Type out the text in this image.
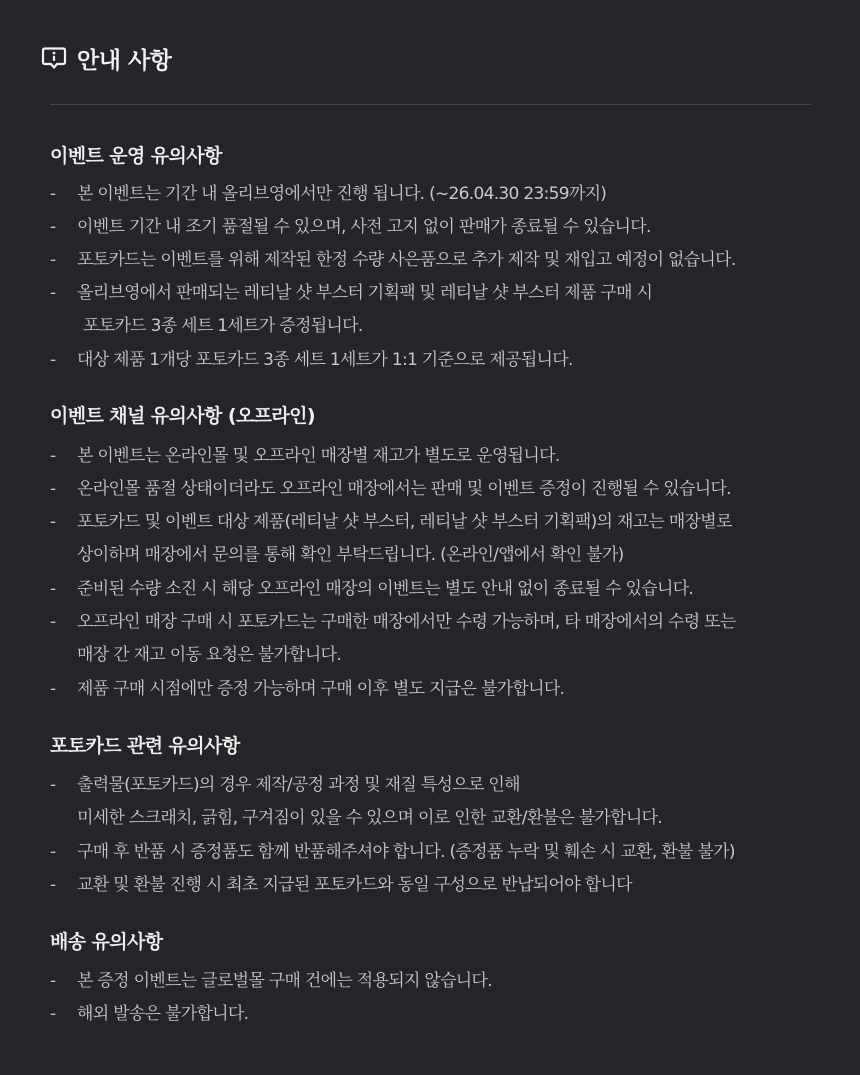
안내 사항
이벤트 운영 유의사항
- 본 이벤트는 기간 내 올리브영에서만 진행 됩니다. (~26.04.30 23:59까지)
- 이벤트 기간 내 조기 품절될 수 있으며, 사전 고지 없이 판매가 종료될 수 있습니다.
- 포토카드는 이벤트를 위해 제작된 한정 수량 사은품으로 추가 제작 및 재입고 예정이 없습니다.
- 올리브영에서 판매되는 레티날 샷 부스터 기획팩 및 레티날 샷 부스터 제품 구매 시
포토카드 3종 세트 1세트가 증정됩니다.
- 대상 제품 1개당 포토카드 3종 세트 1세트가 1:1 기준으로 제공됩니다.
이벤트 채널 유의사항 (오프라인)
- 본 이벤트는 온라인몰 및 오프라인 매장별 재고가 별도로 운영됩니다.
- 온라인몰 품절 상태이더라도 오프라인 매장에서는 판매 및 이벤트 증정이 진행될 수 있습니다.
- 포토카드 및 이벤트 대상 제품(레티날 샷 부스터, 레티날 샷 부스터 기획팩)의 재고는 매장별로
상이하며 매장에서 문의를 통해 확인 부탁드립니다. (온라인/앱에서 확인 불가)
- 준비된 수량 소진 시 해당 오프라인 매장의 이벤트는 별도 안내 없이 종료될 수 있습니다.
- 오프라인 매장 구매 시 포토카드는 구매한 매장에서만 수령 가능하며, 타 매장에서의 수령 또는
매장 간 재고 이동 요청은 불가합니다.
- 제품 구매 시점에만 증정 가능하며 구매 이후 별도 지급은 불가합니다.
포토카드 관련 유의사항
- 출력물(포토카드)의 경우 제작/공정 과정 및 재질 특성으로 인해
미세한 스크래치, 긁힘, 구겨짐이 있을 수 있으며 이로 인한 교환/환불은 불가합니다.
- 구매 후 반품 시 증정품도 함께 반품해주셔야 합니다. (증정품 누락 및 훼손 시 교환, 환불 불가)
- 교환 및 환불 진행 시 최초 지급된 포토카드와 동일 구성으로 반납되어야 합니다
배송 유의사항
- 본 증정 이벤트는 글로벌몰 구매 건에는 적용되지 않습니다.
- 해외 발송은 불가합니다.
